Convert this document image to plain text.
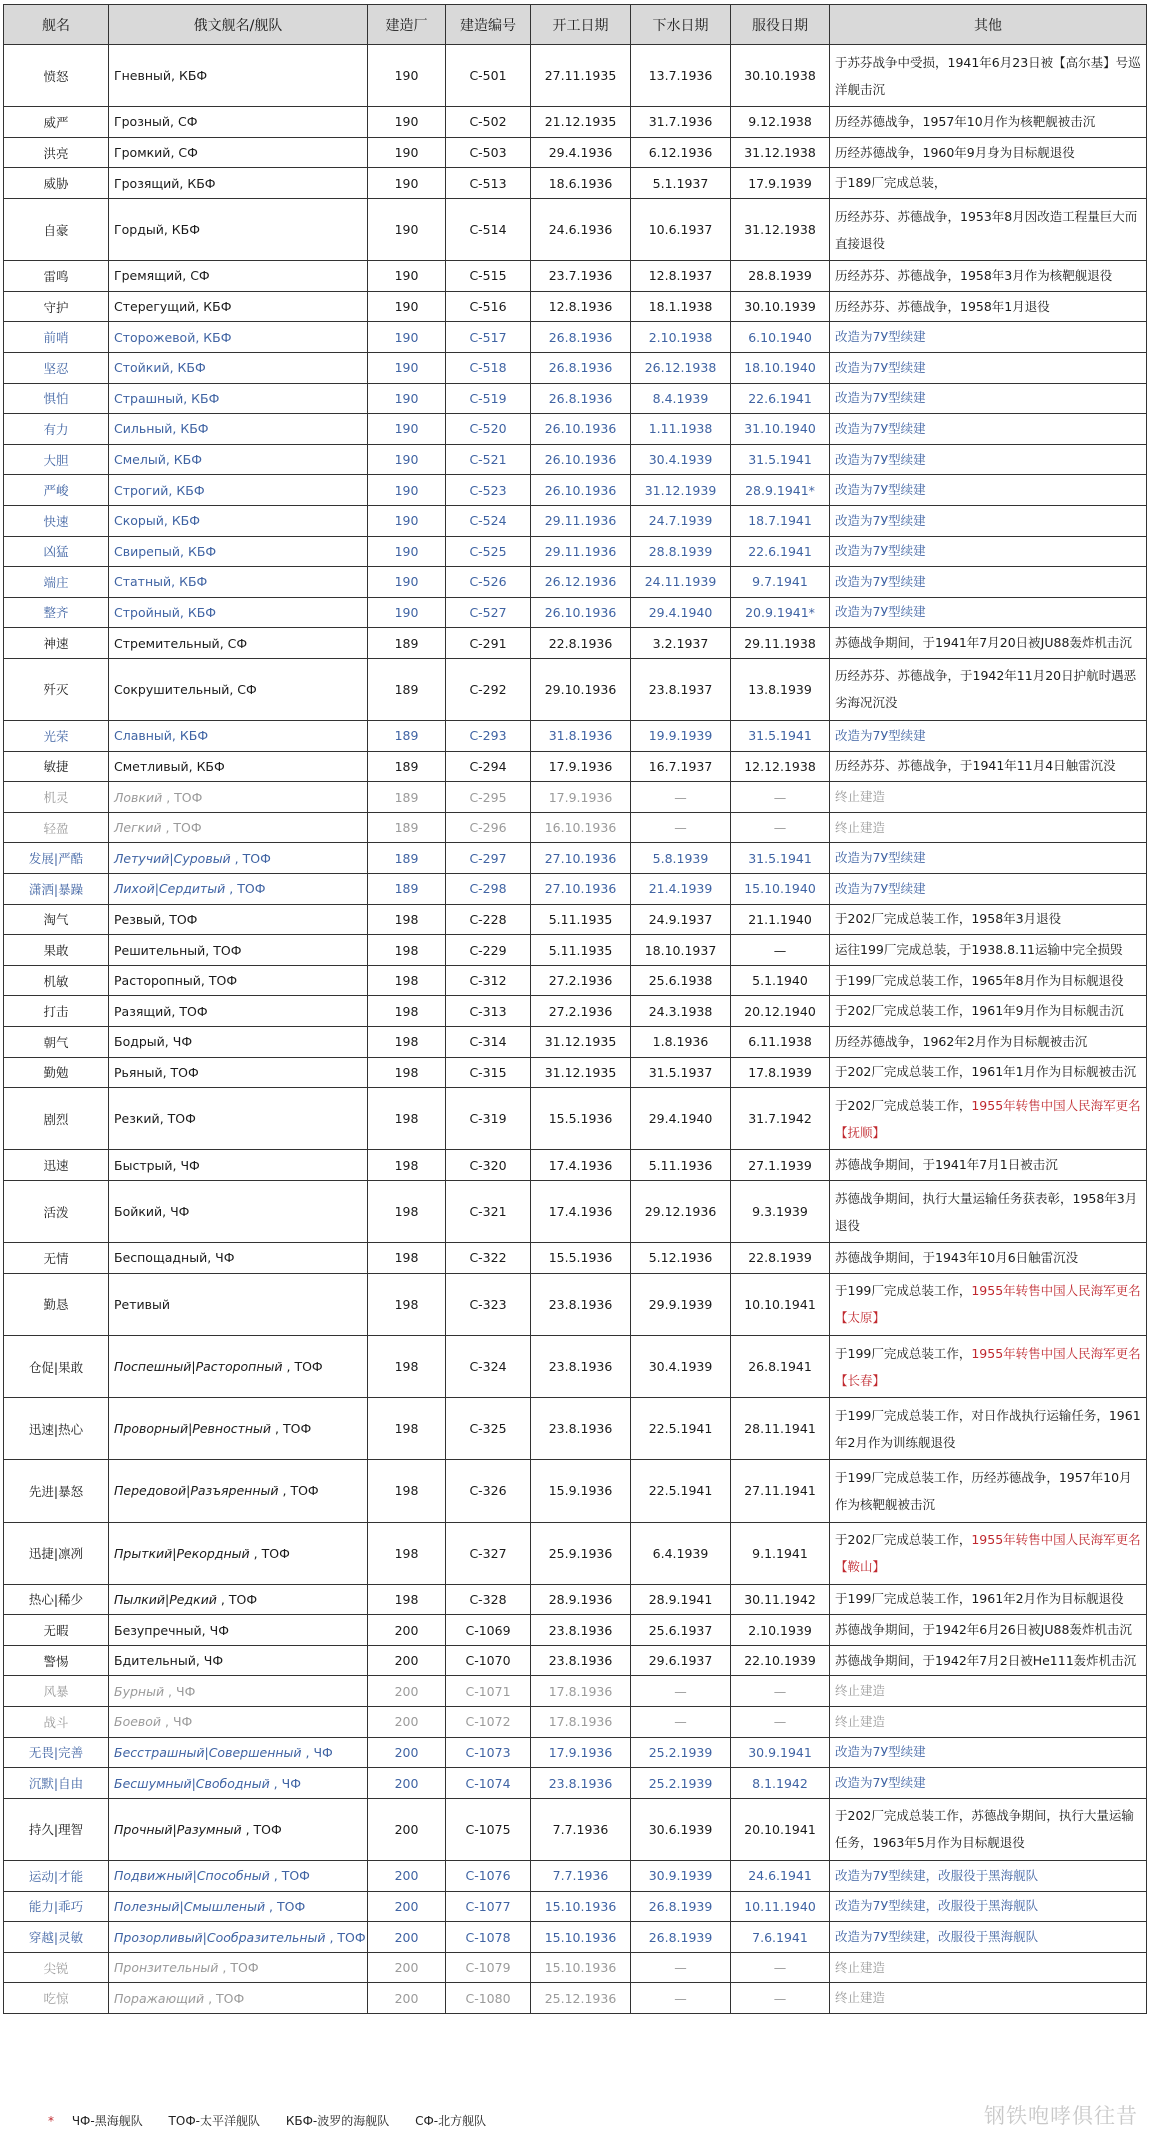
舰名	俄文舰名/舰队	建造厂	建造编号	开工日期	下水日期	服役日期	其他
愤怒	Гневный, КБФ	190	С-501	27.11.1935	13.7.1936	30.10.1938	于苏芬战争中受损，1941年6月23日被【高尔基】号巡洋舰击沉
威严	Грозный, СФ	190	С-502	21.12.1935	31.7.1936	9.12.1938	历经苏德战争，1957年10月作为核靶舰被击沉
洪亮	Громкий, СФ	190	С-503	29.4.1936	6.12.1936	31.12.1938	历经苏德战争，1960年9月身为目标舰退役
威胁	Грозящий, КБФ	190	С-513	18.6.1936	5.1.1937	17.9.1939	于189厂完成总装，
自豪	Гордый, КБФ	190	С-514	24.6.1936	10.6.1937	31.12.1938	历经苏芬、苏德战争，1953年8月因改造工程量巨大而直接退役
雷鸣	Гремящий, СФ	190	С-515	23.7.1936	12.8.1937	28.8.1939	历经苏芬、苏德战争，1958年3月作为核靶舰退役
守护	Стерегущий, КБФ	190	С-516	12.8.1936	18.1.1938	30.10.1939	历经苏芬、苏德战争，1958年1月退役
前哨	Сторожевой, КБФ	190	С-517	26.8.1936	2.10.1938	6.10.1940	改造为7У型续建
坚忍	Стойкий, КБФ	190	С-518	26.8.1936	26.12.1938	18.10.1940	改造为7У型续建
惧怕	Страшный, КБФ	190	С-519	26.8.1936	8.4.1939	22.6.1941	改造为7У型续建
有力	Сильный, КБФ	190	С-520	26.10.1936	1.11.1938	31.10.1940	改造为7У型续建
大胆	Смелый, КБФ	190	С-521	26.10.1936	30.4.1939	31.5.1941	改造为7У型续建
严峻	Строгий, КБФ	190	С-523	26.10.1936	31.12.1939	28.9.1941*	改造为7У型续建
快速	Скорый, КБФ	190	С-524	29.11.1936	24.7.1939	18.7.1941	改造为7У型续建
凶猛	Свирепый, КБФ	190	С-525	29.11.1936	28.8.1939	22.6.1941	改造为7У型续建
端庄	Статный, КБФ	190	С-526	26.12.1936	24.11.1939	9.7.1941	改造为7У型续建
整齐	Стройный, КБФ	190	С-527	26.10.1936	29.4.1940	20.9.1941*	改造为7У型续建
神速	Стремительный, СФ	189	С-291	22.8.1936	3.2.1937	29.11.1938	苏德战争期间，于1941年7月20日被JU88轰炸机击沉
歼灭	Сокрушительный, СФ	189	С-292	29.10.1936	23.8.1937	13.8.1939	历经苏芬、苏德战争，于1942年11月20日护航时遇恶劣海况沉没
光荣	Славный, КБФ	189	С-293	31.8.1936	19.9.1939	31.5.1941	改造为7У型续建
敏捷	Сметливый, КБФ	189	С-294	17.9.1936	16.7.1937	12.12.1938	历经苏芬、苏德战争，于1941年11月4日触雷沉没
机灵	Ловкий , ТОФ	189	С-295	17.9.1936	—	—	终止建造
轻盈	Легкий , ТОФ	189	С-296	16.10.1936	—	—	终止建造
发展|严酷	Летучий|Суровый , ТОФ	189	С-297	27.10.1936	5.8.1939	31.5.1941	改造为7У型续建
潇洒|暴躁	Лихой|Сердитый , ТОФ	189	С-298	27.10.1936	21.4.1939	15.10.1940	改造为7У型续建
淘气	Резвый, ТОФ	198	С-228	5.11.1935	24.9.1937	21.1.1940	于202厂完成总装工作，1958年3月退役
果敢	Решительный, ТОФ	198	С-229	5.11.1935	18.10.1937	—	运往199厂完成总装，于1938.8.11运输中完全损毁
机敏	Расторопный, ТОФ	198	С-312	27.2.1936	25.6.1938	5.1.1940	于199厂完成总装工作，1965年8月作为目标舰退役
打击	Разящий, ТОФ	198	С-313	27.2.1936	24.3.1938	20.12.1940	于202厂完成总装工作，1961年9月作为目标舰击沉
朝气	Бодрый, ЧФ	198	С-314	31.12.1935	1.8.1936	6.11.1938	历经苏德战争，1962年2月作为目标舰被击沉
勤勉	Рьяный, ТОФ	198	С-315	31.12.1935	31.5.1937	17.8.1939	于202厂完成总装工作，1961年1月作为目标舰被击沉
剧烈	Резкий, ТОФ	198	С-319	15.5.1936	29.4.1940	31.7.1942	于202厂完成总装工作，1955年转售中国人民海军更名【抚顺】
迅速	Быстрый, ЧФ	198	С-320	17.4.1936	5.11.1936	27.1.1939	苏德战争期间，于1941年7月1日被击沉
活泼	Бойкий, ЧФ	198	С-321	17.4.1936	29.12.1936	9.3.1939	苏德战争期间，执行大量运输任务获表彰，1958年3月退役
无情	Беспощадный, ЧФ	198	С-322	15.5.1936	5.12.1936	22.8.1939	苏德战争期间，于1943年10月6日触雷沉没
勤恳	Ретивый	198	С-323	23.8.1936	29.9.1939	10.10.1941	于199厂完成总装工作，1955年转售中国人民海军更名【太原】
仓促|果敢	Поспешный|Расторопный , ТОФ	198	С-324	23.8.1936	30.4.1939	26.8.1941	于199厂完成总装工作，1955年转售中国人民海军更名【长春】
迅速|热心	Проворный|Ревностный , ТОФ	198	С-325	23.8.1936	22.5.1941	28.11.1941	于199厂完成总装工作，对日作战执行运输任务，1961年2月作为训练舰退役
先进|暴怒	Передовой|Разъяренный , ТОФ	198	С-326	15.9.1936	22.5.1941	27.11.1941	于199厂完成总装工作，历经苏德战争，1957年10月作为核靶舰被击沉
迅捷|凛冽	Прыткий|Рекордный , ТОФ	198	С-327	25.9.1936	6.4.1939	9.1.1941	于202厂完成总装工作，1955年转售中国人民海军更名【鞍山】
热心|稀少	Пылкий|Редкий , ТОФ	198	С-328	28.9.1936	28.9.1941	30.11.1942	于199厂完成总装工作，1961年2月作为目标舰退役
无暇	Безупречный, ЧФ	200	С-1069	23.8.1936	25.6.1937	2.10.1939	苏德战争期间，于1942年6月26日被JU88轰炸机击沉
警惕	Бдительный, ЧФ	200	С-1070	23.8.1936	29.6.1937	22.10.1939	苏德战争期间，于1942年7月2日被He111轰炸机击沉
风暴	Бурный , ЧФ	200	С-1071	17.8.1936	—	—	终止建造
战斗	Боевой , ЧФ	200	С-1072	17.8.1936	—	—	终止建造
无畏|完善	Бесстрашный|Совершенный , ЧФ	200	С-1073	17.9.1936	25.2.1939	30.9.1941	改造为7У型续建
沉默|自由	Бесшумный|Свободный , ЧФ	200	С-1074	23.8.1936	25.2.1939	8.1.1942	改造为7У型续建
持久|理智	Прочный|Разумный , ТОФ	200	С-1075	7.7.1936	30.6.1939	20.10.1941	于202厂完成总装工作，苏德战争期间，执行大量运输任务，1963年5月作为目标舰退役
运动|才能	Подвижный|Способный , ТОФ	200	С-1076	7.7.1936	30.9.1939	24.6.1941	改造为7У型续建，改服役于黑海舰队
能力|乖巧	Полезный|Смышленый , ТОФ	200	С-1077	15.10.1936	26.8.1939	10.11.1940	改造为7У型续建，改服役于黑海舰队
穿越|灵敏	Прозорливый|Сообразительный , ТОФ	200	С-1078	15.10.1936	26.8.1939	7.6.1941	改造为7У型续建，改服役于黑海舰队
尖锐	Пронзительный , ТОФ	200	С-1079	15.10.1936	—	—	终止建造
吃惊	Поражающий , ТОФ	200	С-1080	25.12.1936	—	—	终止建造
* ЧФ-黑海舰队 ТОФ-太平洋舰队 КБФ-波罗的海舰队 СФ-北方舰队	钢铁咆哮俱往昔
